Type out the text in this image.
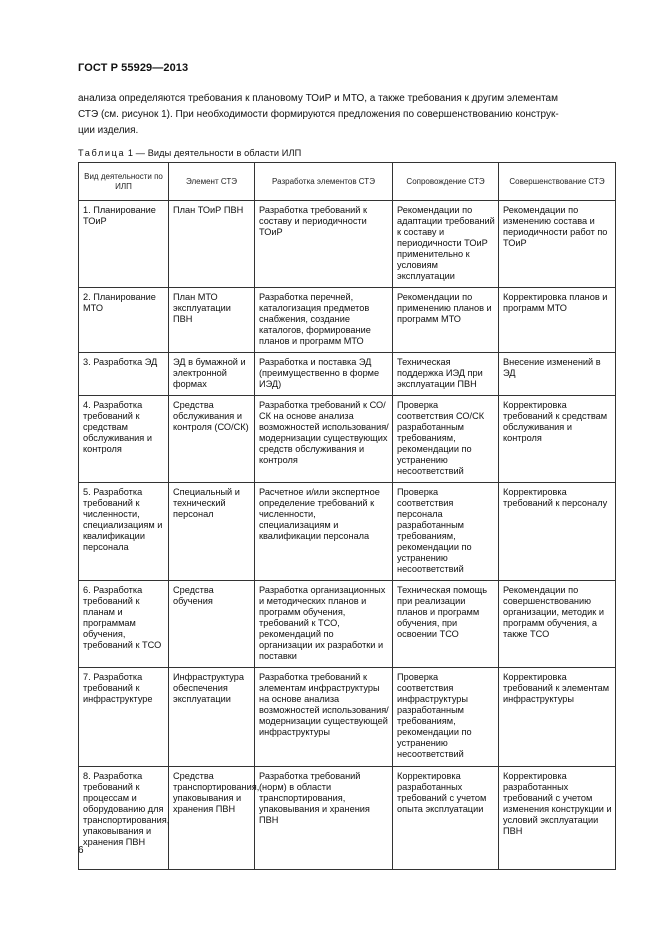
ГОСТ Р 55929—2013
анализа определяются требования к плановому ТОиР и МТО, а также требования к другим элементам
СТЭ (см. рисунок 1). При необходимости формируются предложения по совершенствованию конструк-
ции изделия.
Таблица 1 — Виды деятельности в области ИЛП
Вид деятельности по ИЛП	Элемент СТЭ	Разработка элементов СТЭ	Сопровождение СТЭ	Совершенствование СТЭ
1. Планирование ТОиР	План ТОиР ПВН	Разработка требований к составу и периодичности ТОиР	Рекомендации по адаптации требований к составу и периодичности ТОиР применительно к условиям эксплуатации	Рекомендации по изменению состава и периодичности работ по ТОиР
2. Планирование МТО	План МТО эксплуатации ПВН	Разработка перечней, каталогизация предметов снабжения, создание каталогов, формирование планов и программ МТО	Рекомендации по применению планов и программ МТО	Корректировка планов и программ МТО
3. Разработка ЭД	ЭД в бумажной и электронной формах	Разработка и поставка ЭД (преимущественно в форме ИЭД)	Техническая поддержка ИЭД при эксплуатации ПВН	Внесение изменений в ЭД
4. Разработка требований к средствам обслуживания и контроля	Средства обслуживания и контроля (СО/СК)	Разработка требований к СО/СК на основе анализа возможностей использования/ модернизации существующих средств обслуживания и контроля	Проверка соответствия СО/СК разработанным требованиям, рекомендации по устранению несоответствий	Корректировка требований к средствам обслуживания и контроля
5. Разработка требований к численности, специализациям и квалификации персонала	Специальный и технический персонал	Расчетное и/или экспертное определение требований к численности, специализациям и квалификации персонала	Проверка соответствия персонала разработанным требованиям, рекомендации по устранению несоответствий	Корректировка требований к персоналу
6. Разработка требований к планам и программам обучения, требований к ТСО	Средства обучения	Разработка организационных и методических планов и программ обучения, требований к ТСО, рекомендаций по организации их разработки и поставки	Техническая помощь при реализации планов и программ обучения, при освоении ТСО	Рекомендации по совершенствованию организации, методик и программ обучения, а также ТСО
7. Разработка требований к инфраструктуре	Инфраструктура обеспечения эксплуатации	Разработка требований к элементам инфраструктуры на основе анализа возможностей использования/ модернизации существующей инфраструктуры	Проверка соответствия инфраструктуры разработанным требованиям, рекомендации по устранению несоответствий	Корректировка требований к элементам инфраструктуры
8. Разработка требований к процессам и оборудованию для транспортирования, упаковывания и хранения ПВН	Средства транспортирования, упаковывания и хранения ПВН	Разработка требований (норм) в области транспортирования, упаковывания и хранения ПВН	Корректировка разработанных требований с учетом опыта эксплуатации	Корректировка разработанных требований с учетом изменения конструкции и условий эксплуатации ПВН
6
